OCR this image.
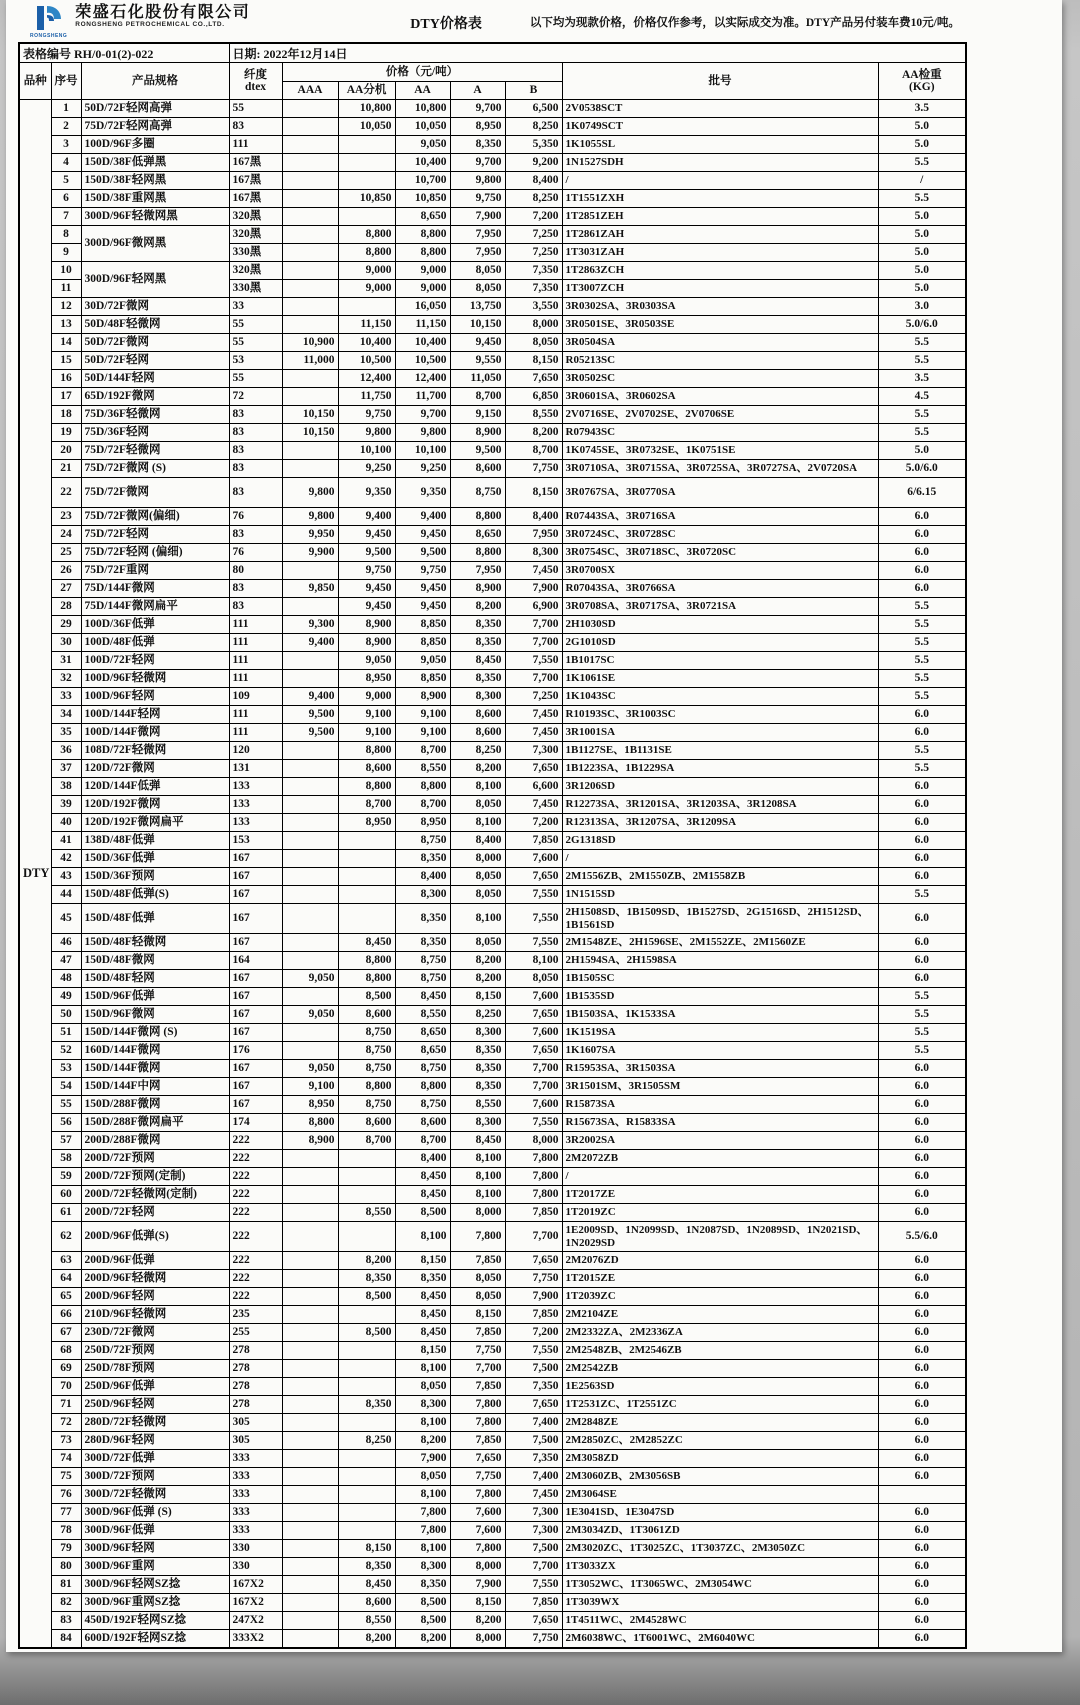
RONGSHENG
荣盛石化股份有限公司
RONGSHENG PETROCHEMICAL CO.,LTD.	DTY价格表	以下均为现款价格，价格仅作参考，以实际成交为准。DTY产品另付装车费10元/吨。
表格编号 RH/0-01(2)-022			日期: 2022年12月14日							
品种	序号	产品规格	
纤度
dtex
	价格（元/吨）	批号	
AA检重
(KG)

				AAA	AA分机	AA	A	B		
DTY	1	50D/72F轻网高弹	55		10,800	10,800	9,700	6,500	2V0538SCT	3.5
	2	75D/72F轻网高弹	83		10,050	10,050	8,950	8,250	1K0749SCT	5.0
	3	100D/96F多圈	111			9,050	8,350	5,350	1K1055SL	5.0
	4	150D/38F低弹黑	167黑			10,400	9,700	9,200	1N1527SDH	5.5
	5	150D/38F轻网黑	167黑			10,700	9,800	8,400	/	/
	6	150D/38F重网黑	167黑		10,850	10,850	9,750	8,250	1T1551ZXH	5.5
	7	300D/96F轻微网黑	320黑			8,650	7,900	7,200	1T2851ZEH	5.0
	8	300D/96F微网黑	320黑		8,800	8,800	7,950	7,250	1T2861ZAH	5.0
	9		330黑		8,800	8,800	7,950	7,250	1T3031ZAH	5.0
	10	300D/96F轻网黑	320黑		9,000	9,000	8,050	7,350	1T2863ZCH	5.0
	11		330黑		9,000	9,000	8,050	7,350	1T3007ZCH	5.0
	12	30D/72F微网	33			16,050	13,750	3,550	3R0302SA、3R0303SA	3.0
	13	50D/48F轻微网	55		11,150	11,150	10,150	8,000	3R0501SE、3R0503SE	5.0/6.0
	14	50D/72F微网	55	10,900	10,400	10,400	9,450	8,050	3R0504SA	5.5
	15	50D/72F轻网	53	11,000	10,500	10,500	9,550	8,150	R05213SC	5.5
	16	50D/144F轻网	55		12,400	12,400	11,050	7,650	3R0502SC	3.5
	17	65D/192F微网	72		11,750	11,700	8,700	6,850	3R0601SA、3R0602SA	4.5
	18	75D/36F轻微网	83	10,150	9,750	9,700	9,150	8,550	2V0716SE、2V0702SE、2V0706SE	5.5
	19	75D/36F轻网	83	10,150	9,800	9,800	8,900	8,200	R07943SC	5.5
	20	75D/72F轻微网	83		10,100	10,100	9,500	8,700	1K0745SE、3R0732SE、1K0751SE	5.0
	21	75D/72F微网 (S)	83		9,250	9,250	8,600	7,750	3R0710SA、3R0715SA、3R0725SA、3R0727SA、2V0720SA	5.0/6.0
	22	75D/72F微网	83	9,800	9,350	9,350	8,750	8,150	3R0767SA、3R0770SA	6/6.15
	23	75D/72F微网(偏细)	76	9,800	9,400	9,400	8,800	8,400	R07443SA、3R0716SA	6.0
	24	75D/72F轻网	83	9,950	9,450	9,450	8,650	7,950	3R0724SC、3R0728SC	6.0
	25	75D/72F轻网 (偏细)	76	9,900	9,500	9,500	8,800	8,300	3R0754SC、3R0718SC、3R0720SC	6.0
	26	75D/72F重网	80		9,750	9,750	7,950	7,450	3R0700SX	6.0
	27	75D/144F微网	83	9,850	9,450	9,450	8,900	7,900	R07043SA、3R0766SA	6.0
	28	75D/144F微网扁平	83		9,450	9,450	8,200	6,900	3R0708SA、3R0717SA、3R0721SA	5.5
	29	100D/36F低弹	111	9,300	8,900	8,850	8,350	7,700	2H1030SD	5.5
	30	100D/48F低弹	111	9,400	8,900	8,850	8,350	7,700	2G1010SD	5.5
	31	100D/72F轻网	111		9,050	9,050	8,450	7,550	1B1017SC	5.5
	32	100D/96F轻微网	111		8,950	8,850	8,350	7,700	1K1061SE	5.5
	33	100D/96F轻网	109	9,400	9,000	8,900	8,300	7,250	1K1043SC	5.5
	34	100D/144F轻网	111	9,500	9,100	9,100	8,600	7,450	R10193SC、3R1003SC	6.0
	35	100D/144F微网	111	9,500	9,100	9,100	8,600	7,450	3R1001SA	6.0
	36	108D/72F轻微网	120		8,800	8,700	8,250	7,300	1B1127SE、1B1131SE	5.5
	37	120D/72F微网	131		8,600	8,550	8,200	7,650	1B1223SA、1B1229SA	5.5
	38	120D/144F低弹	133		8,800	8,800	8,100	6,600	3R1206SD	6.0
	39	120D/192F微网	133		8,700	8,700	8,050	7,450	R12273SA、3R1201SA、3R1203SA、3R1208SA	6.0
	40	120D/192F微网扁平	133		8,950	8,950	8,100	7,200	R12313SA、3R1207SA、3R1209SA	6.0
	41	138D/48F低弹	153			8,750	8,400	7,850	2G1318SD	6.0
	42	150D/36F低弹	167			8,350	8,000	7,600	/	6.0
	43	150D/36F预网	167			8,400	8,050	7,650	2M1556ZB、2M1550ZB、2M1558ZB	6.0
	44	150D/48F低弹(S)	167			8,300	8,050	7,550	1N1515SD	5.5
	45	150D/48F低弹	167			8,350	8,100	7,550	2H1508SD、1B1509SD、1B1527SD、2G1516SD、2H1512SD、1B1561SD	6.0
	46	150D/48F轻微网	167		8,450	8,350	8,050	7,550	2M1548ZE、2H1596SE、2M1552ZE、2M1560ZE	6.0
	47	150D/48F微网	164		8,800	8,750	8,200	8,100	2H1594SA、2H1598SA	6.0
	48	150D/48F轻网	167	9,050	8,800	8,750	8,200	8,050	1B1505SC	6.0
	49	150D/96F低弹	167		8,500	8,450	8,150	7,600	1B1535SD	5.5
	50	150D/96F微网	167	9,050	8,600	8,550	8,250	7,650	1B1503SA、1K1533SA	5.5
	51	150D/144F微网 (S)	167		8,750	8,650	8,300	7,600	1K1519SA	5.5
	52	160D/144F微网	176		8,750	8,650	8,350	7,650	1K1607SA	5.5
	53	150D/144F微网	167	9,050	8,750	8,750	8,350	7,700	R15953SA、3R1503SA	6.0
	54	150D/144F中网	167	9,100	8,800	8,800	8,350	7,700	3R1501SM、3R1505SM	6.0
	55	150D/288F微网	167	8,950	8,750	8,750	8,550	7,600	R15873SA	6.0
	56	150D/288F微网扁平	174	8,800	8,600	8,600	8,300	7,550	R15673SA、R15833SA	6.0
	57	200D/288F微网	222	8,900	8,700	8,700	8,450	8,000	3R2002SA	6.0
	58	200D/72F预网	222			8,400	8,100	7,800	2M2072ZB	6.0
	59	200D/72F预网(定制)	222			8,450	8,100	7,800	/	6.0
	60	200D/72F轻微网(定制)	222			8,450	8,100	7,800	1T2017ZE	6.0
	61	200D/72F轻网	222		8,550	8,500	8,000	7,850	1T2019ZC	6.0
	62	200D/96F低弹(S)	222			8,100	7,800	7,700	1E2009SD、1N2099SD、1N2087SD、1N2089SD、1N2021SD、1N2029SD	5.5/6.0
	63	200D/96F低弹	222		8,200	8,150	7,850	7,650	2M2076ZD	6.0
	64	200D/96F轻微网	222		8,350	8,350	8,050	7,750	1T2015ZE	6.0
	65	200D/96F轻网	222		8,500	8,450	8,050	7,900	1T2039ZC	6.0
	66	210D/96F轻微网	235			8,450	8,150	7,850	2M2104ZE	6.0
	67	230D/72F微网	255		8,500	8,450	7,850	7,200	2M2332ZA、2M2336ZA	6.0
	68	250D/72F预网	278			8,150	7,750	7,550	2M2548ZB、2M2546ZB	6.0
	69	250D/78F预网	278			8,100	7,700	7,500	2M2542ZB	6.0
	70	250D/96F低弹	278			8,050	7,850	7,350	1E2563SD	6.0
	71	250D/96F轻网	278		8,350	8,300	7,800	7,650	1T2531ZC、1T2551ZC	6.0
	72	280D/72F轻微网	305			8,100	7,800	7,400	2M2848ZE	6.0
	73	280D/96F轻网	305		8,250	8,200	7,850	7,500	2M2850ZC、2M2852ZC	6.0
	74	300D/72F低弹	333			7,900	7,650	7,350	2M3058ZD	6.0
	75	300D/72F预网	333			8,050	7,750	7,400	2M3060ZB、2M3056SB	6.0
	76	300D/72F轻微网	333			8,100	7,800	7,450	2M3064SE	
	77	300D/96F低弹 (S)	333			7,800	7,600	7,300	1E3041SD、1E3047SD	6.0
	78	300D/96F低弹	333			7,800	7,600	7,300	2M3034ZD、1T3061ZD	6.0
	79	300D/96F轻网	330		8,150	8,100	7,800	7,500	2M3020ZC、1T3025ZC、1T3037ZC、2M3050ZC	6.0
	80	300D/96F重网	330		8,350	8,300	8,000	7,700	1T3033ZX	6.0
	81	300D/96F轻网SZ捻	167X2		8,450	8,350	7,900	7,550	1T3052WC、1T3065WC、2M3054WC	6.0
	82	300D/96F重网SZ捻	167X2		8,600	8,500	8,150	7,850	1T3039WX	6.0
	83	450D/192F轻网SZ捻	247X2		8,550	8,500	8,200	7,650	1T4511WC、2M4528WC	6.0
	84	600D/192F轻网SZ捻	333X2		8,200	8,200	8,000	7,750	2M6038WC、1T6001WC、2M6040WC	6.0
